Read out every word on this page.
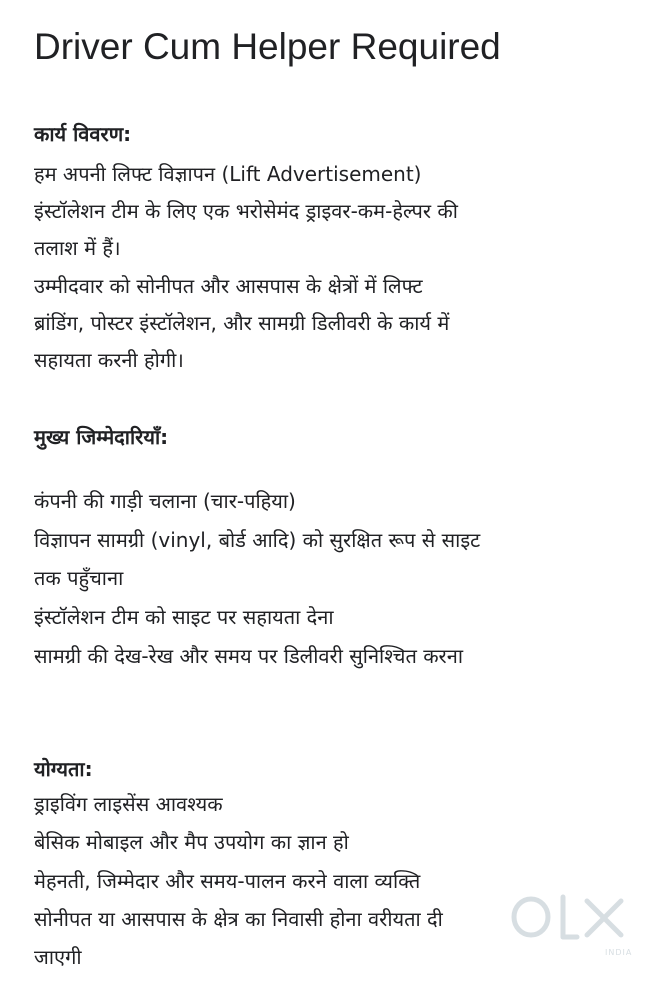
Driver Cum Helper Required
कार्य विवरण:
हम अपनी लिफ्ट विज्ञापन (Lift Advertisement)
इंस्टॉलेशन टीम के लिए एक भरोसेमंद ड्राइवर-कम-हेल्पर की
तलाश में हैं।
उम्मीदवार को सोनीपत और आसपास के क्षेत्रों में लिफ्ट
ब्रांडिंग, पोस्टर इंस्टॉलेशन, और सामग्री डिलीवरी के कार्य में
सहायता करनी होगी।
मुख्य जिम्मेदारियाँ:
कंपनी की गाड़ी चलाना (चार-पहिया)
विज्ञापन सामग्री (vinyl, बोर्ड आदि) को सुरक्षित रूप से साइट
तक पहुँचाना
इंस्टॉलेशन टीम को साइट पर सहायता देना
सामग्री की देख-रेख और समय पर डिलीवरी सुनिश्चित करना
योग्यता:
ड्राइविंग लाइसेंस आवश्यक
बेसिक मोबाइल और मैप उपयोग का ज्ञान हो
मेहनती, जिम्मेदार और समय-पालन करने वाला व्यक्ति
सोनीपत या आसपास के क्षेत्र का निवासी होना वरीयता दी
जाएगी	INDIA
